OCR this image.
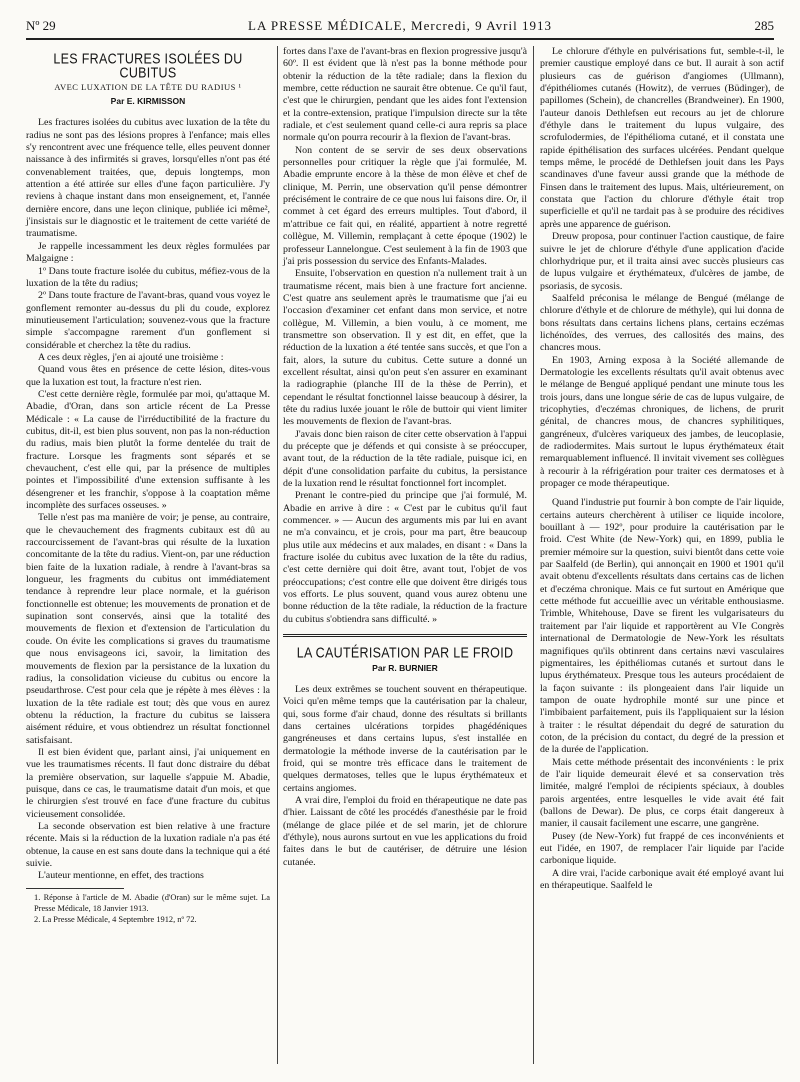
Nº 29	LA PRESSE MÉDICALE, Mercredi, 9 Avril 1913	285
LES FRACTURES ISOLÉES DU CUBITUS
AVEC LUXATION DE LA TÊTE DU RADIUS ¹
Par E. KIRMISSON

Les fractures isolées du cubitus avec luxation de la tête du radius ne sont pas des lésions propres à l'enfance; mais elles s'y rencontrent avec une fréquence telle, elles peuvent donner naissance à des infirmités si graves, lorsqu'elles n'ont pas été convenablement traitées, que, depuis longtemps, mon attention a été attirée sur elles d'une façon particulière. J'y reviens à chaque instant dans mon enseignement, et, l'année dernière encore, dans une leçon clinique, publiée ici même², j'insistais sur le diagnostic et le traitement de cette variété de traumatisme.

Je rappelle incessamment les deux règles formulées par Malgaigne :

1º Dans toute fracture isolée du cubitus, méfiez-vous de la luxation de la tête du radius;

2º Dans toute fracture de l'avant-bras, quand vous voyez le gonflement remonter au-dessus du pli du coude, explorez minutieusement l'articulation; souvenez-vous que la fracture simple s'accompagne rarement d'un gonflement si considérable et cherchez la tête du radius.

A ces deux règles, j'en ai ajouté une troisième :

Quand vous êtes en présence de cette lésion, dites-vous que la luxation est tout, la fracture n'est rien.

C'est cette dernière règle, formulée par moi, qu'attaque M. Abadie, d'Oran, dans son article récent de La Presse Médicale : « La cause de l'irréductibilité de la fracture du cubitus, dit-il, est bien plus souvent, non pas la non-réduction du radius, mais bien plutôt la forme dentelée du trait de fracture. Lorsque les fragments sont séparés et se chevauchent, c'est elle qui, par la présence de multiples pointes et l'impossibilité d'une extension suffisante à les désengrener et les franchir, s'oppose à la coaptation même incomplète des surfaces osseuses. »

Telle n'est pas ma manière de voir; je pense, au contraire, que le chevauchement des fragments cubitaux est dû au raccourcissement de l'avant-bras qui résulte de la luxation concomitante de la tête du radius. Vient-on, par une réduction bien faite de la luxation radiale, à rendre à l'avant-bras sa longueur, les fragments du cubitus ont immédiatement tendance à reprendre leur place normale, et la guérison fonctionnelle est obtenue; les mouvements de pronation et de supination sont conservés, ainsi que la totalité des mouvements de flexion et d'extension de l'articulation du coude. On évite les complications si graves du traumatisme que nous envisageons ici, savoir, la limitation des mouvements de flexion par la persistance de la luxation du radius, la consolidation vicieuse du cubitus ou encore la pseudarthrose. C'est pour cela que je répète à mes élèves : la luxation de la tête radiale est tout; dès que vous en aurez obtenu la réduction, la fracture du cubitus se laissera aisément réduire, et vous obtiendrez un résultat fonctionnel satisfaisant.

Il est bien évident que, parlant ainsi, j'ai uniquement en vue les traumatismes récents. Il faut donc distraire du débat la première observation, sur laquelle s'appuie M. Abadie, puisque, dans ce cas, le traumatisme datait d'un mois, et que le chirurgien s'est trouvé en face d'une fracture du cubitus vicieusement consolidée.

La seconde observation est bien relative à une fracture récente. Mais si la réduction de la luxation radiale n'a pas été obtenue, la cause en est sans doute dans la technique qui a été suivie.

L'auteur mentionne, en effet, des tractions

1. Réponse à l'article de M. Abadie (d'Oran) sur le même sujet. La Presse Médicale, 18 Janvier 1913.

2. La Presse Médicale, 4 Septembre 1912, nº 72.

fortes dans l'axe de l'avant-bras en flexion progressive jusqu'à 60º. Il est évident que là n'est pas la bonne méthode pour obtenir la réduction de la tête radiale; dans la flexion du membre, cette réduction ne saurait être obtenue. Ce qu'il faut, c'est que le chirurgien, pendant que les aides font l'extension et la contre-extension, pratique l'impulsion directe sur la tête radiale, et c'est seulement quand celle-ci aura repris sa place normale qu'on pourra recourir à la flexion de l'avant-bras.

Non content de se servir de ses deux observations personnelles pour critiquer la règle que j'ai formulée, M. Abadie emprunte encore à la thèse de mon élève et chef de clinique, M. Perrin, une observation qu'il pense démontrer précisément le contraire de ce que nous lui faisons dire. Or, il commet à cet égard des erreurs multiples. Tout d'abord, il m'attribue ce fait qui, en réalité, appartient à notre regretté collègue, M. Villemin, remplaçant à cette époque (1902) le professeur Lannelongue. C'est seulement à la fin de 1903 que j'ai pris possession du service des Enfants-Malades.

Ensuite, l'observation en question n'a nullement trait à un traumatisme récent, mais bien à une fracture fort ancienne. C'est quatre ans seulement après le traumatisme que j'ai eu l'occasion d'examiner cet enfant dans mon service, et notre collègue, M. Villemin, a bien voulu, à ce moment, me transmettre son observation. Il y est dit, en effet, que la réduction de la luxation a été tentée sans succès, et que l'on a fait, alors, la suture du cubitus. Cette suture a donné un excellent résultat, ainsi qu'on peut s'en assurer en examinant la radiographie (planche III de la thèse de Perrin), et cependant le résultat fonctionnel laisse beaucoup à désirer, la tête du radius luxée jouant le rôle de buttoir qui vient limiter les mouvements de flexion de l'avant-bras.

J'avais donc bien raison de citer cette observation à l'appui du précepte que je défends et qui consiste à se préoccuper, avant tout, de la réduction de la tête radiale, puisque ici, en dépit d'une consolidation parfaite du cubitus, la persistance de la luxation rend le résultat fonctionnel fort incomplet.

Prenant le contre-pied du principe que j'ai formulé, M. Abadie en arrive à dire : « C'est par le cubitus qu'il faut commencer. » — Aucun des arguments mis par lui en avant ne m'a convaincu, et je crois, pour ma part, être beaucoup plus utile aux médecins et aux malades, en disant : « Dans la fracture isolée du cubitus avec luxation de la tête du radius, c'est cette dernière qui doit être, avant tout, l'objet de vos préoccupations; c'est contre elle que doivent être dirigés tous vos efforts. Le plus souvent, quand vous aurez obtenu une bonne réduction de la tête radiale, la réduction de la fracture du cubitus s'obtiendra sans difficulté. »

LA CAUTÉRISATION PAR LE FROID
Par R. BURNIER

Les deux extrêmes se touchent souvent en thérapeutique. Voici qu'en même temps que la cautérisation par la chaleur, qui, sous forme d'air chaud, donne des résultats si brillants dans certaines ulcérations torpides phagédéniques gangréneuses et dans certains lupus, s'est installée en dermatologie la méthode inverse de la cautérisation par le froid, qui se montre très efficace dans le traitement de quelques dermatoses, telles que le lupus érythémateux et certains angiomes.

A vrai dire, l'emploi du froid en thérapeutique ne date pas d'hier. Laissant de côté les procédés d'anesthésie par le froid (mélange de glace pilée et de sel marin, jet de chlorure d'éthyle), nous aurons surtout en vue les applications du froid faites dans le but de cautériser, de détruire une lésion cutanée.

Le chlorure d'éthyle en pulvérisations fut, semble-t-il, le premier caustique employé dans ce but. Il aurait à son actif plusieurs cas de guérison d'angiomes (Ullmann), d'épithéliomes cutanés (Howitz), de verrues (Büdinger), de papillomes (Schein), de chancrelles (Brandweiner). En 1900, l'auteur danois Dethlefsen eut recours au jet de chlorure d'éthyle dans le traitement du lupus vulgaire, des scrofulodermies, de l'épithélioma cutané, et il constata une rapide épithélisation des surfaces ulcérées. Pendant quelque temps même, le procédé de Dethlefsen jouit dans les Pays scandinaves d'une faveur aussi grande que la méthode de Finsen dans le traitement des lupus. Mais, ultérieurement, on constata que l'action du chlorure d'éthyle était trop superficielle et qu'il ne tardait pas à se produire des récidives après une apparence de guérison.

Dreuw proposa, pour continuer l'action caustique, de faire suivre le jet de chlorure d'éthyle d'une application d'acide chlorhydrique pur, et il traita ainsi avec succès plusieurs cas de lupus vulgaire et érythémateux, d'ulcères de jambe, de psoriasis, de sycosis.

Saalfeld préconisa le mélange de Bengué (mélange de chlorure d'éthyle et de chlorure de méthyle), qui lui donna de bons résultats dans certains lichens plans, certains eczémas lichénoïdes, des verrues, des callosités des mains, des chancres mous.

En 1903, Arning exposa à la Société allemande de Dermatologie les excellents résultats qu'il avait obtenus avec le mélange de Bengué appliqué pendant une minute tous les trois jours, dans une longue série de cas de lupus vulgaire, de tricophyties, d'eczémas chroniques, de lichens, de prurit génital, de chancres mous, de chancres syphilitiques, gangréneux, d'ulcères variqueux des jambes, de leucoplasie, de radiodermites. Mais surtout le lupus érythémateux était remarquablement influencé. Il invitait vivement ses collègues à recourir à la réfrigération pour traiter ces dermatoses et à propager ce mode thérapeutique.

Quand l'industrie put fournir à bon compte de l'air liquide, certains auteurs cherchèrent à utiliser ce liquide incolore, bouillant à — 192º, pour produire la cautérisation par le froid. C'est White (de New-York) qui, en 1899, publia le premier mémoire sur la question, suivi bientôt dans cette voie par Saalfeld (de Berlin), qui annonçait en 1900 et 1901 qu'il avait obtenu d'excellents résultats dans certains cas de lichen et d'eczéma chronique. Mais ce fut surtout en Amérique que cette méthode fut accueillie avec un véritable enthousiasme. Trimble, Whitehouse, Dave se firent les vulgarisateurs du traitement par l'air liquide et rapportèrent au VIe Congrès international de Dermatologie de New-York les résultats magnifiques qu'ils obtinrent dans certains nævi vasculaires pigmentaires, les épithéliomas cutanés et surtout dans le lupus érythémateux. Presque tous les auteurs procédaient de la façon suivante : ils plongeaient dans l'air liquide un tampon de ouate hydrophile monté sur une pince et l'imbibaient parfaitement, puis ils l'appliquaient sur la lésion à traiter : le résultat dépendait du degré de saturation du coton, de la précision du contact, du degré de la pression et de la durée de l'application.

Mais cette méthode présentait des inconvénients : le prix de l'air liquide demeurait élevé et sa conservation très limitée, malgré l'emploi de récipients spéciaux, à doubles parois argentées, entre lesquelles le vide avait été fait (ballons de Dewar). De plus, ce corps était dangereux à manier, il causait facilement une escarre, une gangrène.

Pusey (de New-York) fut frappé de ces inconvénients et eut l'idée, en 1907, de remplacer l'air liquide par l'acide carbonique liquide.

A dire vrai, l'acide carbonique avait été employé avant lui en thérapeutique. Saalfeld le
